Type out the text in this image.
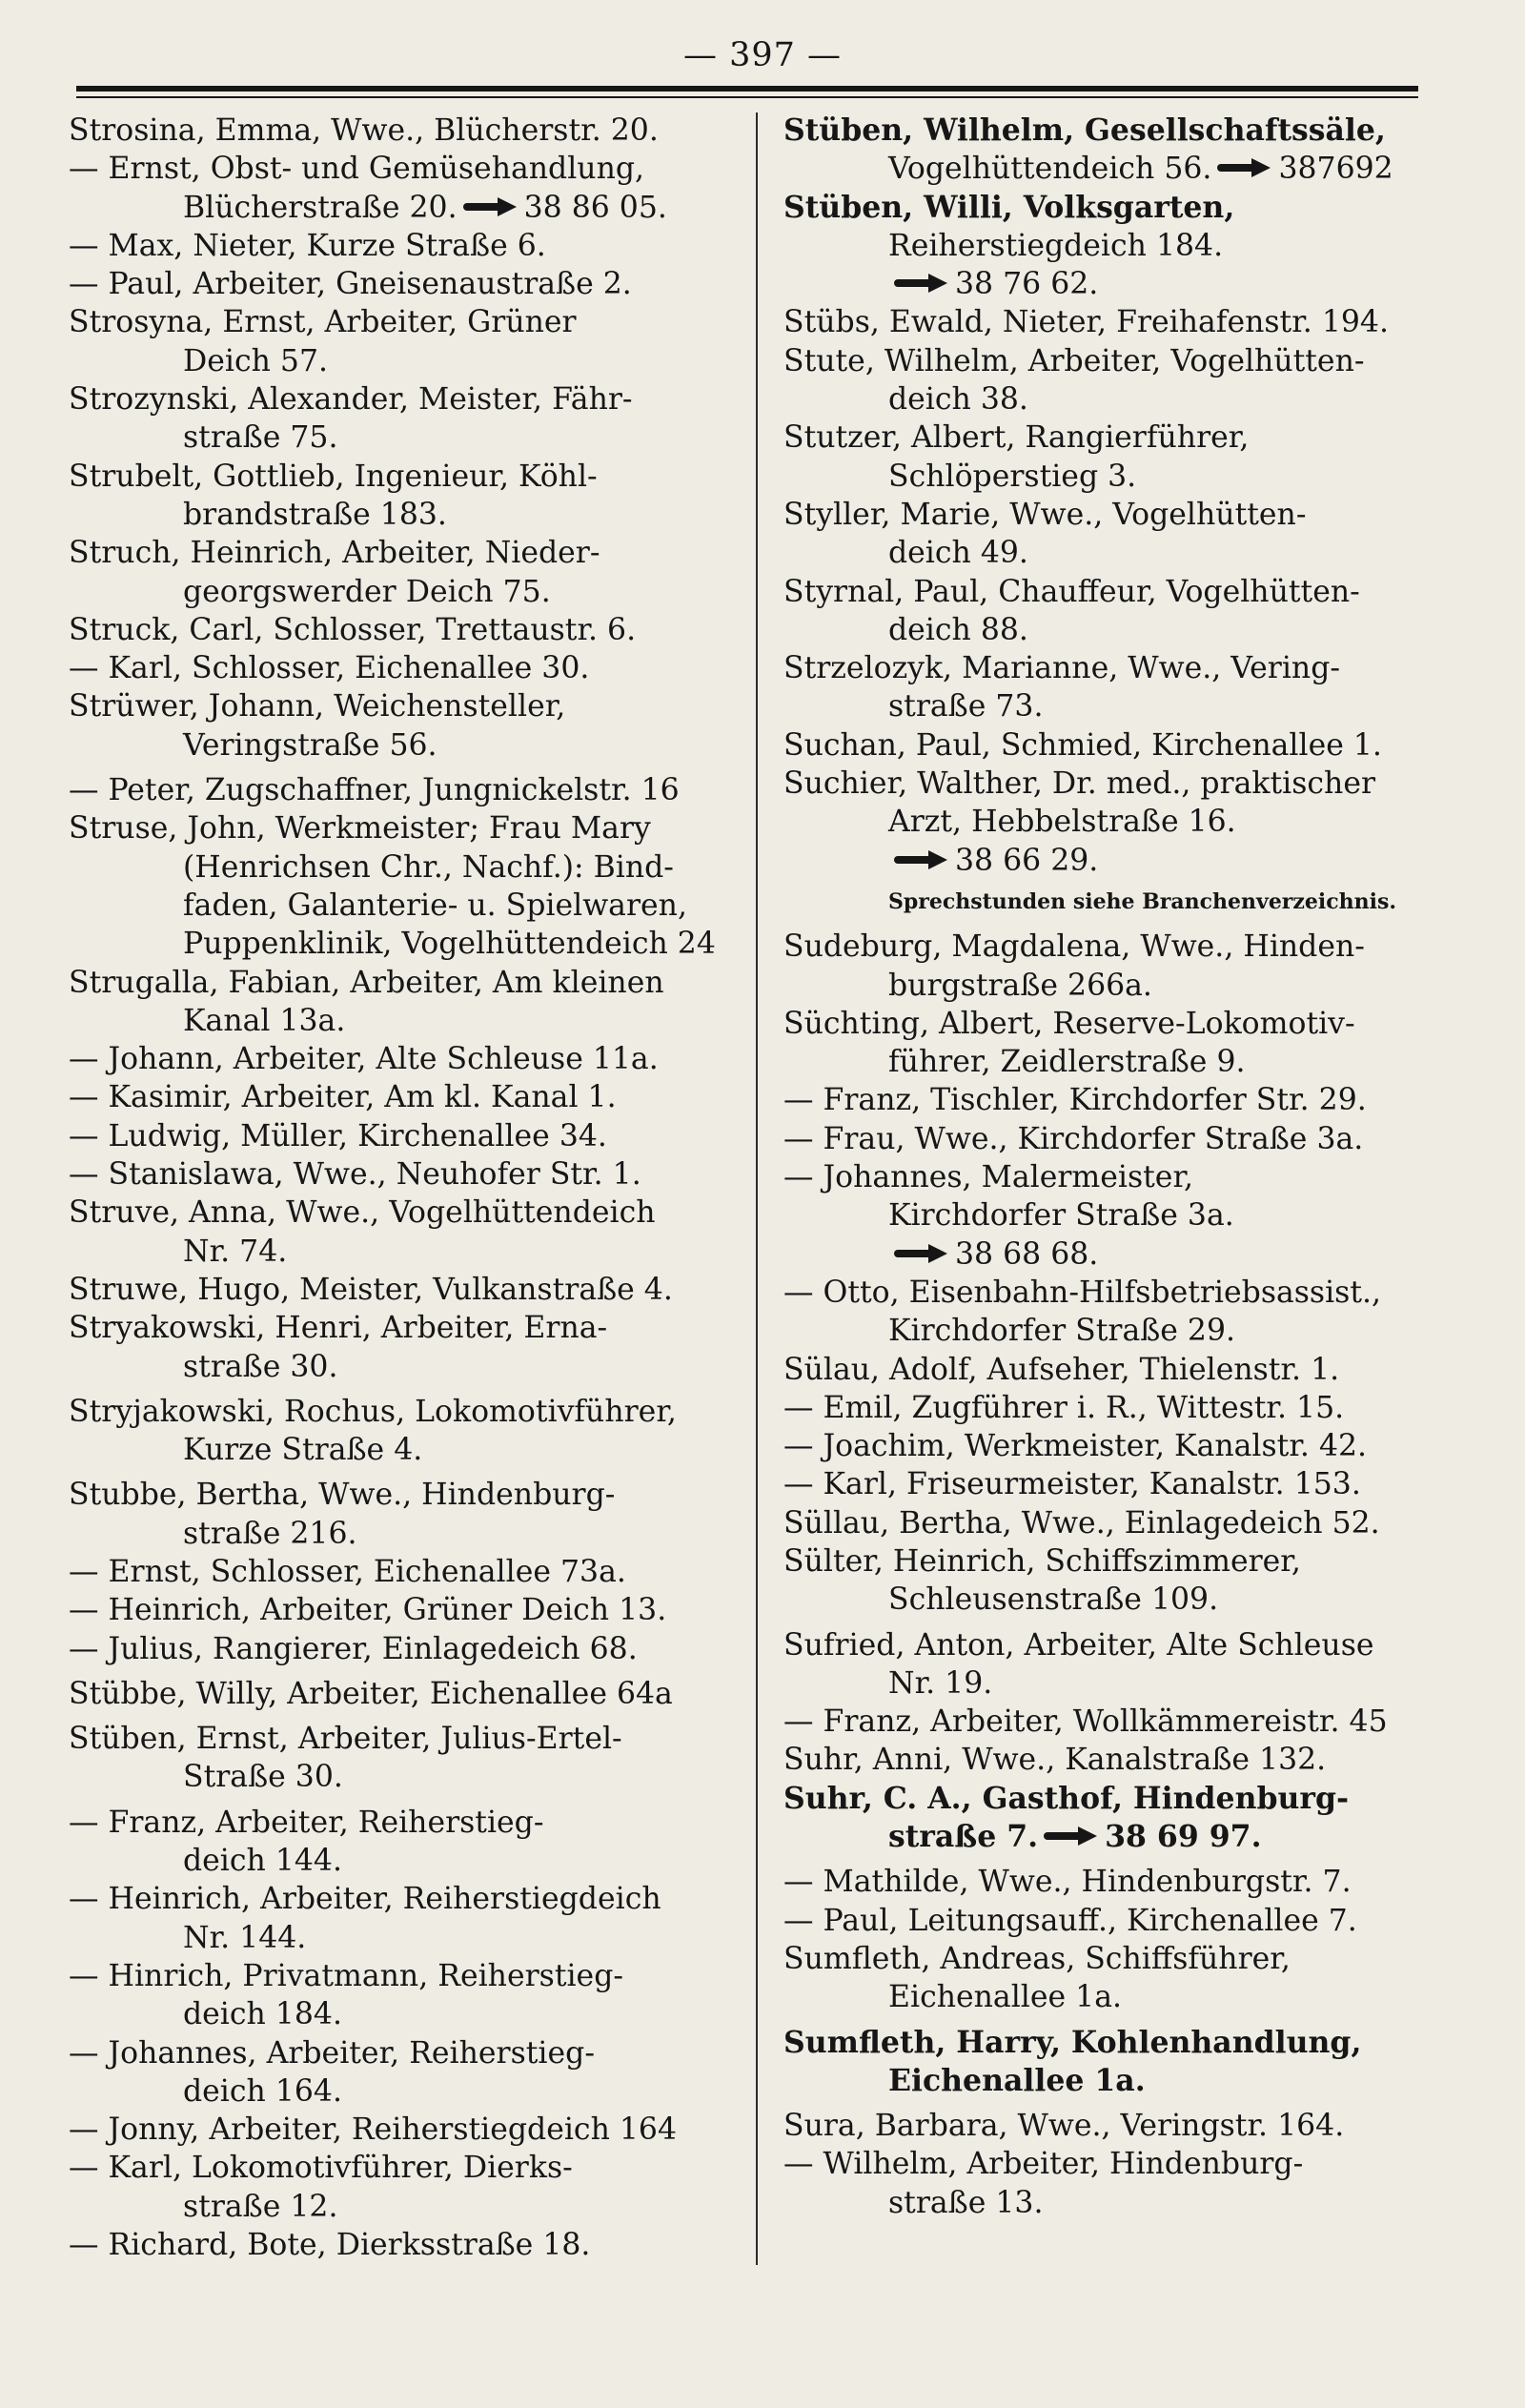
— 397 —
Strosina, Emma, Wwe., Blücherstr. 20.
— Ernst, Obst- und Gemüsehandlung,
Blücherstraße 20. 38 86 05.
— Max, Nieter, Kurze Straße 6.
— Paul, Arbeiter, Gneisenaustraße 2.
Strosyna, Ernst, Arbeiter, Grüner
Deich 57.
Strozynski, Alexander, Meister, Fähr-
straße 75.
Strubelt, Gottlieb, Ingenieur, Köhl-
brandstraße 183.
Struch, Heinrich, Arbeiter, Nieder-
georgswerder Deich 75.
Struck, Carl, Schlosser, Trettaustr. 6.
— Karl, Schlosser, Eichenallee 30.
Strüwer, Johann, Weichensteller,
Veringstraße 56.
— Peter, Zugschaffner, Jungnickelstr. 16
Struse, John, Werkmeister; Frau Mary
(Henrichsen Chr., Nachf.): Bind-
faden, Galanterie- u. Spielwaren,
Puppenklinik, Vogelhüttendeich 24
Strugalla, Fabian, Arbeiter, Am kleinen
Kanal 13a.
— Johann, Arbeiter, Alte Schleuse 11a.
— Kasimir, Arbeiter, Am kl. Kanal 1.
— Ludwig, Müller, Kirchenallee 34.
— Stanislawa, Wwe., Neuhofer Str. 1.
Struve, Anna, Wwe., Vogelhüttendeich
Nr. 74.
Struwe, Hugo, Meister, Vulkanstraße 4.
Stryakowski, Henri, Arbeiter, Erna-
straße 30.
Stryjakowski, Rochus, Lokomotivführer,
Kurze Straße 4.
Stubbe, Bertha, Wwe., Hindenburg-
straße 216.
— Ernst, Schlosser, Eichenallee 73a.
— Heinrich, Arbeiter, Grüner Deich 13.
— Julius, Rangierer, Einlagedeich 68.
Stübbe, Willy, Arbeiter, Eichenallee 64a
Stüben, Ernst, Arbeiter, Julius-Ertel-
Straße 30.
— Franz, Arbeiter, Reiherstieg-
deich 144.
— Heinrich, Arbeiter, Reiherstiegdeich
Nr. 144.
— Hinrich, Privatmann, Reiherstieg-
deich 184.
— Johannes, Arbeiter, Reiherstieg-
deich 164.
— Jonny, Arbeiter, Reiherstiegdeich 164
— Karl, Lokomotivführer, Dierks-
straße 12.
— Richard, Bote, Dierksstraße 18.
Stüben, Wilhelm, Gesellschaftssäle,
Vogelhüttendeich 56. 387692
Stüben, Willi, Volksgarten,
Reiherstiegdeich 184.
38 76 62.
Stübs, Ewald, Nieter, Freihafenstr. 194.
Stute, Wilhelm, Arbeiter, Vogelhütten-
deich 38.
Stutzer, Albert, Rangierführer,
Schlöperstieg 3.
Styller, Marie, Wwe., Vogelhütten-
deich 49.
Styrnal, Paul, Chauffeur, Vogelhütten-
deich 88.
Strzelozyk, Marianne, Wwe., Vering-
straße 73.
Suchan, Paul, Schmied, Kirchenallee 1.
Suchier, Walther, Dr. med., praktischer
Arzt, Hebbelstraße 16.
38 66 29.
Sprechstunden siehe Branchenverzeichnis.
Sudeburg, Magdalena, Wwe., Hinden-
burgstraße 266a.
Süchting, Albert, Reserve-Lokomotiv-
führer, Zeidlerstraße 9.
— Franz, Tischler, Kirchdorfer Str. 29.
— Frau, Wwe., Kirchdorfer Straße 3a.
— Johannes, Malermeister,
Kirchdorfer Straße 3a.
38 68 68.
— Otto, Eisenbahn-Hilfsbetriebsassist.,
Kirchdorfer Straße 29.
Sülau, Adolf, Aufseher, Thielenstr. 1.
— Emil, Zugführer i. R., Wittestr. 15.
— Joachim, Werkmeister, Kanalstr. 42.
— Karl, Friseurmeister, Kanalstr. 153.
Süllau, Bertha, Wwe., Einlagedeich 52.
Sülter, Heinrich, Schiffszimmerer,
Schleusenstraße 109.
Sufried, Anton, Arbeiter, Alte Schleuse
Nr. 19.
— Franz, Arbeiter, Wollkämmereistr. 45
Suhr, Anni, Wwe., Kanalstraße 132.
Suhr, C. A., Gasthof, Hindenburg-
straße 7. 38 69 97.
— Mathilde, Wwe., Hindenburgstr. 7.
— Paul, Leitungsauff., Kirchenallee 7.
Sumfleth, Andreas, Schiffsführer,
Eichenallee 1a.
Sumfleth, Harry, Kohlenhandlung,
Eichenallee 1a.
Sura, Barbara, Wwe., Veringstr. 164.
— Wilhelm, Arbeiter, Hindenburg-
straße 13.
